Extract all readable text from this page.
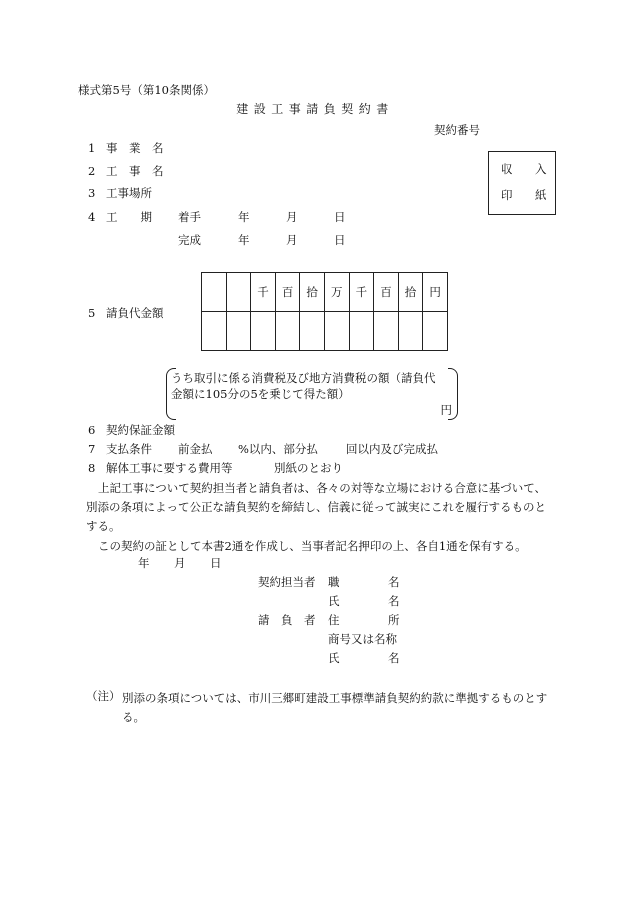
様式第5号（第10条関係）
建設工事請負契約書
契約番号
収 入
印 紙
1 事　業　名
2 工　事　名
3 工事場所
4 工　　期 着手	年	月	日
完成	年	月	日
5 請負代金額
		千	百	拾	万	千	百	拾	円

うち取引に係る消費税及び地方消費税の額（請負代
金額に105分の5を乗じて得た額）
円
6 契約保証金額
7 支払条件 前金払 %以内、部分払 回以内及び完成払
8 解体工事に要する費用等	別紙のとおり
上記工事について契約担当者と請負者は、各々の対等な立場における合意に基づいて、別添の条項によって公正な請負契約を締結し、信義に従って誠実にこれを履行するものとする。
この契約の証として本書2通を作成し、当事者記名押印の上、各自1通を保有する。
年 月 日
契約担当者 職	名
氏	名
請　負　者 住	所
商号又は名称
氏	名
（注） 別添の条項については、市川三郷町建設工事標準請負契約約款に準拠するものとする。
